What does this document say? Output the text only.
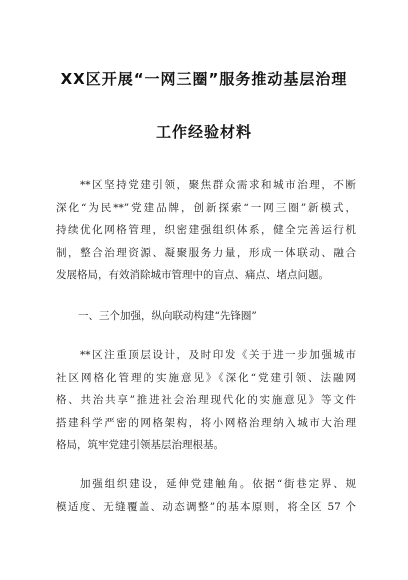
XX区开展“一网三圈”服务推动基层治理
工作经验材料
**区坚持党建引领，聚焦群众需求和城市治理，不断
深化“为民**”党建品牌，创新探索“一网三圈”新模式，
持续优化网格管理，织密建强组织体系，健全完善运行机
制，整合治理资源、凝聚服务力量，形成一体联动、融合
发展格局，有效消除城市管理中的盲点、痛点、堵点问题。
一、三个加强，纵向联动构建“先锋圈”
**区注重顶层设计，及时印发《关于进一步加强城市
社区网格化管理的实施意见》《深化“党建引领、法融网
格、共治共享”推进社会治理现代化的实施意见》等文件
搭建科学严密的网格架构，将小网格治理纳入城市大治理
格局，筑牢党建引领基层治理根基。
加强组织建设，延伸党建触角。依据“街巷定界、规
模适度、无缝覆盖、动态调整”的基本原则，将全区 57 个
